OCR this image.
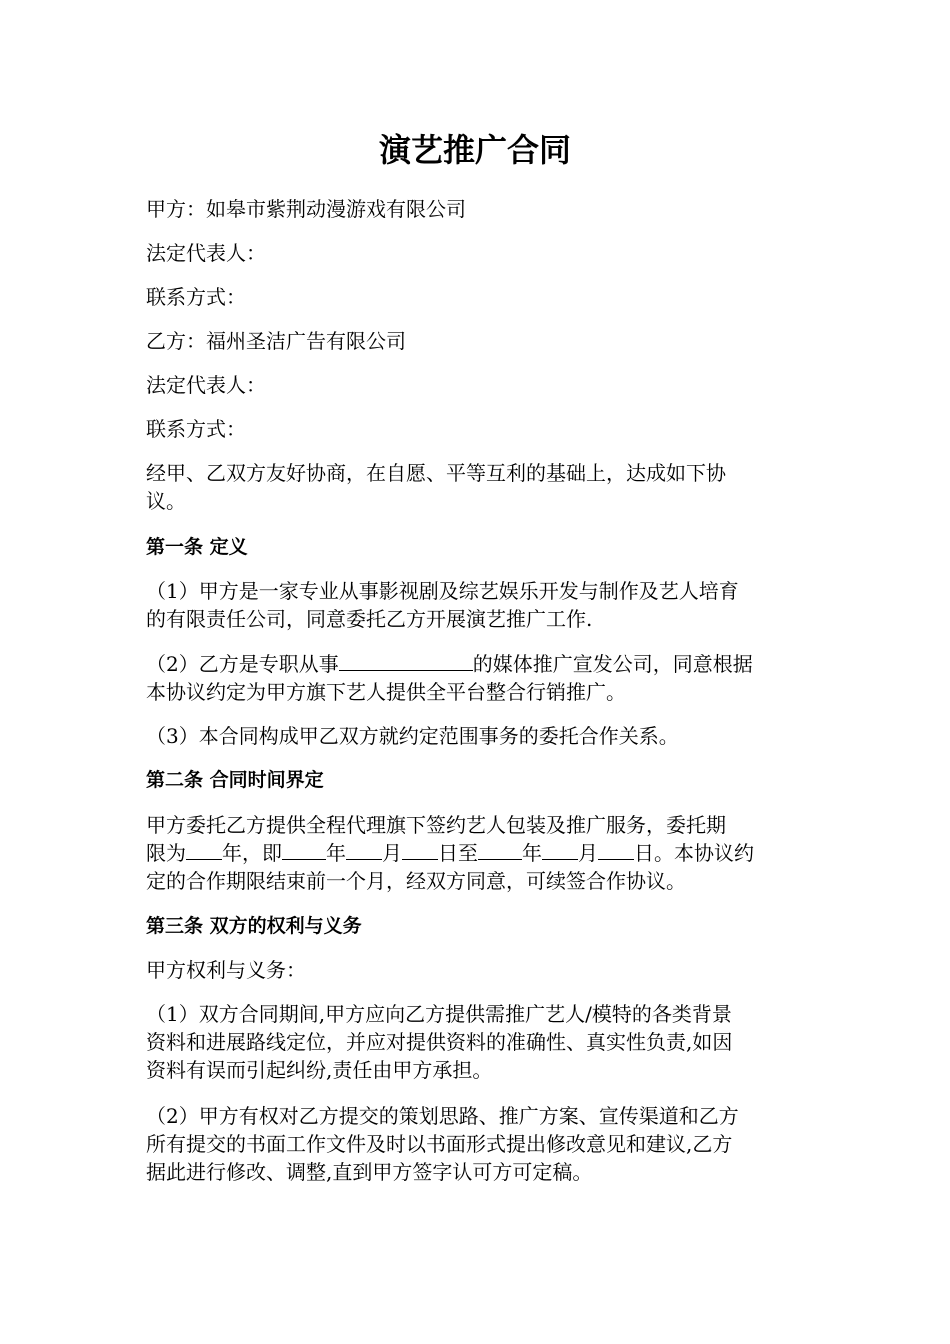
演艺推广合同
甲方：如皋市紫荆动漫游戏有限公司
法定代表人：
联系方式：
乙方：福州圣洁广告有限公司
法定代表人：
联系方式：
经甲、乙双方友好协商，在自愿、平等互利的基础上，达成如下协
议。
第一条 定义
（1）甲方是一家专业从事影视剧及综艺娱乐开发与制作及艺人培育
的有限责任公司，同意委托乙方开展演艺推广工作.
（2）乙方是专职从事	的媒体推广宣发公司，同意根据
本协议约定为甲方旗下艺人提供全平台整合行销推广。
（3）本合同构成甲乙双方就约定范围事务的委托合作关系。
第二条 合同时间界定
甲方委托乙方提供全程代理旗下签约艺人包装及推广服务，委托期
限为 年，即 年 月 日至 年 月 日。本协议约
定的合作期限结束前一个月，经双方同意，可续签合作协议。
第三条 双方的权利与义务
甲方权利与义务：
（1）双方合同期间,甲方应向乙方提供需推广艺人/模特的各类背景
资料和进展路线定位，并应对提供资料的准确性、真实性负责,如因
资料有误而引起纠纷,责任由甲方承担。
（2）甲方有权对乙方提交的策划思路、推广方案、宣传渠道和乙方
所有提交的书面工作文件及时以书面形式提出修改意见和建议,乙方
据此进行修改、调整,直到甲方签字认可方可定稿。
